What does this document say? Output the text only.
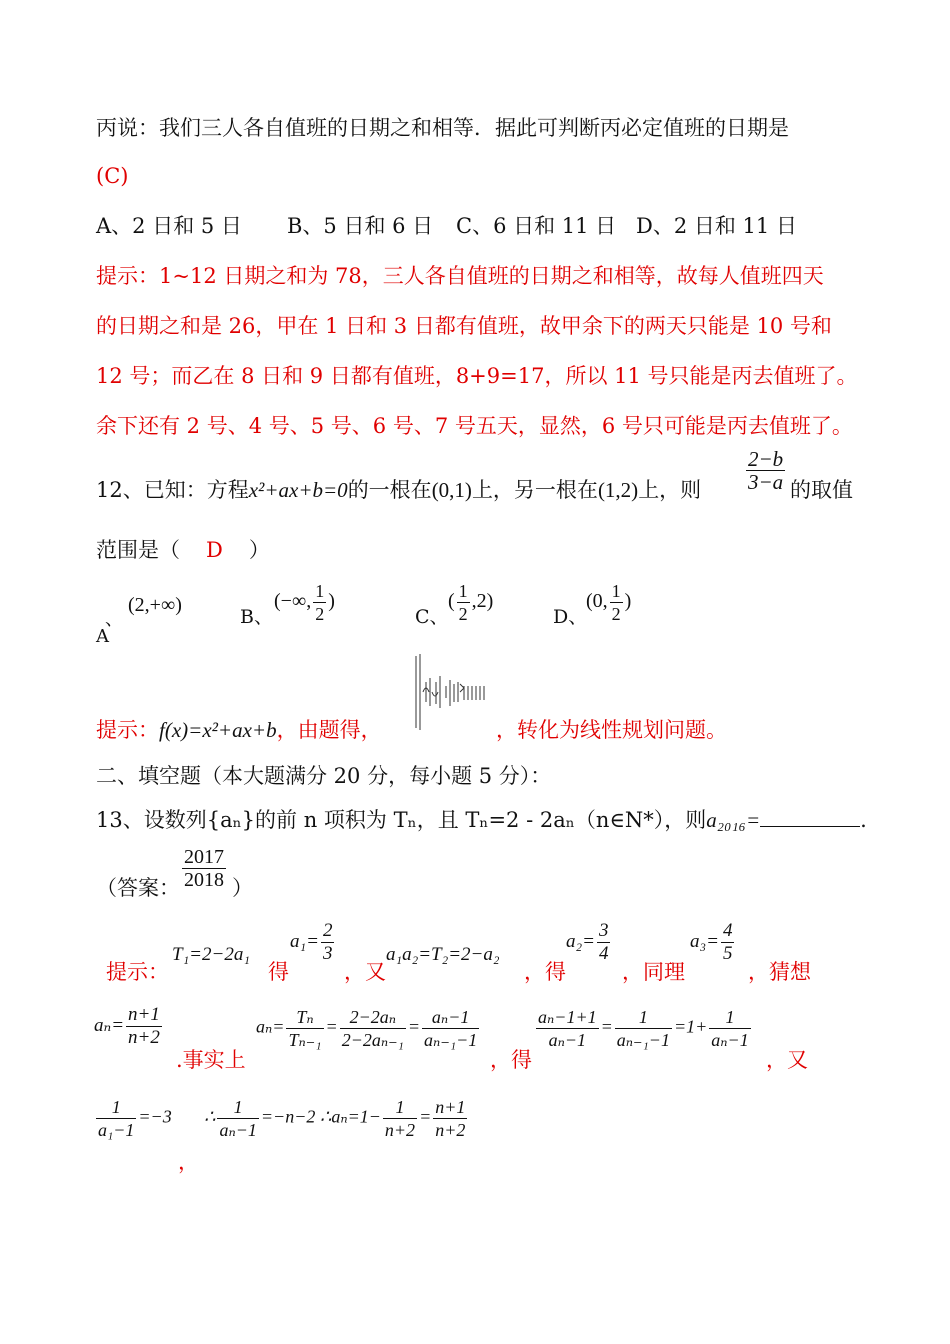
丙说：我们三人各自值班的日期之和相等．据此可判断丙必定值班的日期是
(C)
A、2 日和 5 日 B、5 日和 6 日 C、6 日和 11 日 D、2 日和 11 日
提示：1~12 日期之和为 78，三人各自值班的日期之和相等，故每人值班四天
的日期之和是 26，甲在 1 日和 3 日都有值班，故甲余下的两天只能是 10 号和
12 号；而乙在 8 日和 9 日都有值班，8+9=17，所以 11 号只能是丙去值班了。
余下还有 2 号、4 号、5 号、6 号、7 号五天，显然，6 号只可能是丙去值班了。
12、已知：方程x²+ax+b=0的一根在(0,1)上，另一根在(1,2)上，则 $\frac{2-b}{3-a}$ 的取值
范围是（ D ）
A
、
(2,+∞)
B、
(−∞, $\frac{1}{2}$ )
C、
( $\frac{1}{2} ,2$)
D、
(0, $\frac{1}{2}$ )
提示：f(x)=x²+ax+b，由题得，	，转化为线性规划问题。
二、填空题（本大题满分 20 分，每小题 5 分）：
13、设数列{aₙ}的前 n 项积为 Tₙ，且 Tₙ=2 - 2aₙ（n∈N*），则a₂₀₁₆=	.
（答案： $\frac{2017}{2018}$ ）
提示：
T₁=2−2a₁
得
$a_1= \frac{2}{3}$
，又
a₁a₂=T₂=2−a₂
，得
$a_2= \frac{3}{4}$
，同理
$a_3= \frac{4}{5}$
，猜想
$a_n= \frac{n+1}{n+2}$
.事实上
$a_n= \frac{\text{Tₙ}}{\text{Tₙ₋₁}} = \frac{\text{2−2aₙ}}{\text{2−2aₙ₋₁}} = \frac{\text{aₙ−1}}{\text{aₙ₋₁−1}}$
，得
$\frac{\text{aₙ−1+1}}{\text{aₙ−1}} = \frac{1}{\text{aₙ₋₁−1}} =1+ \frac{1}{\text{aₙ−1}}$
，又
$\frac{1}{\text{a₁−1}} =-3$
，
∴ $\frac{1}{\text{aₙ−1}} =-n-2$ ∴aₙ=1− $\frac{1}{n+2} = \frac{n+1}{n+2}$
